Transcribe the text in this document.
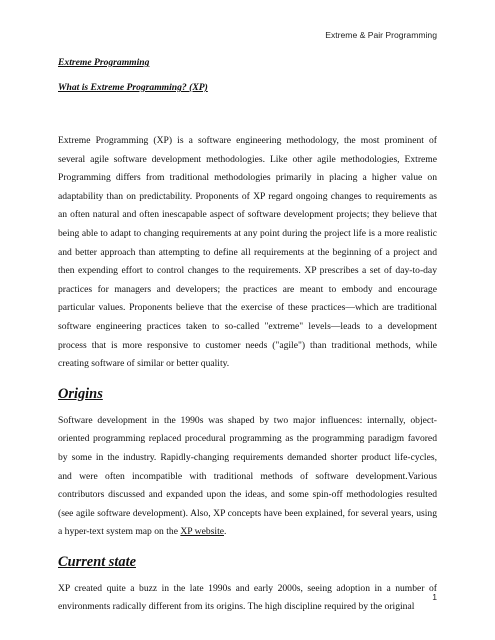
Extreme & Pair Programming

Extreme Programming

What is Extreme Programming? (XP)

Extreme Programming (XP) is a software engineering methodology, the most prominent of several agile software development methodologies. Like other agile methodologies, Extreme Programming differs from traditional methodologies primarily in placing a higher value on adaptability than on predictability. Proponents of XP regard ongoing changes to requirements as an often natural and often inescapable aspect of software development projects; they believe that being able to adapt to changing requirements at any point during the project life is a more realistic and better approach than attempting to define all requirements at the beginning of a project and then expending effort to control changes to the requirements. XP prescribes a set of day-to-day practices for managers and developers; the practices are meant to embody and encourage particular values. Proponents believe that the exercise of these practices—which are traditional software engineering practices taken to so-called "extreme" levels—leads to a development process that is more responsive to customer needs ("agile") than traditional methods, while creating software of similar or better quality.

Origins

Software development in the 1990s was shaped by two major influences: internally, object-oriented programming replaced procedural programming as the programming paradigm favored by some in the industry. Rapidly-changing requirements demanded shorter product life-cycles, and were often incompatible with traditional methods of software development.Various contributors discussed and expanded upon the ideas, and some spin-off methodologies resulted (see agile software development). Also, XP concepts have been explained, for several years, using a hyper-text system map on the XP website.

Current state

XP created quite a buzz in the late 1990s and early 2000s, seeing adoption in a number of environments radically different from its origins. The high discipline required by the original

1
